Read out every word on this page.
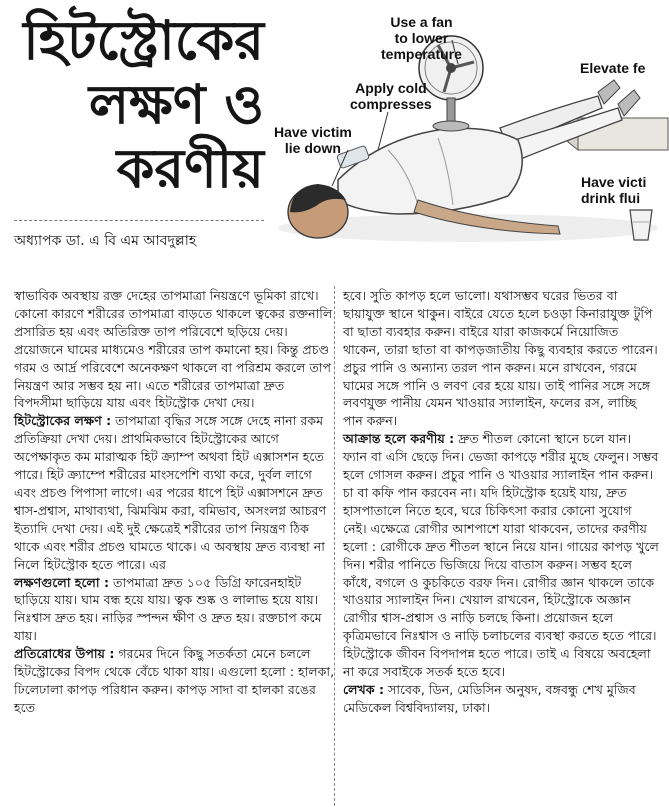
হিটস্ট্রোকের
লক্ষণ ও
করণীয়
অধ্যাপক ডা. এ বি এম আবদুল্লাহ
Use a fan
to lower
temperature
Elevate fe
Apply cold
compresses
Have victim
lie down
Have victi
drink flui

স্বাভাবিক অবস্থায় রক্ত দেহের তাপমাত্রা নিয়ন্ত্রণে ভূমিকা রাখে। কোনো কারণে শরীরের তাপমাত্রা বাড়তে থাকলে ত্বকের রক্তনালি প্রসারিত হয় এবং অতিরিক্ত তাপ পরিবেশে ছড়িয়ে দেয়। প্রয়োজনে ঘামের মাধ্যমেও শরীরের তাপ কমানো হয়। কিন্তু প্রচণ্ড গরম ও আর্দ্র পরিবেশে অনেকক্ষণ থাকলে বা পরিশ্রম করলে তাপ নিয়ন্ত্রণ আর সম্ভব হয় না। এতে শরীরের তাপমাত্রা দ্রুত বিপদসীমা ছাড়িয়ে যায় এবং হিটস্ট্রোক দেখা দেয়।

হিটস্ট্রোকের লক্ষণ : তাপমাত্রা বৃদ্ধির সঙ্গে সঙ্গে দেহে নানা রকম প্রতিক্রিয়া দেখা দেয়। প্রাথমিকভাবে হিটস্ট্রোকের আগে অপেক্ষাকৃত কম মারাত্মক হিট ক্র্যাম্প অথবা হিট এক্সাসশন হতে পারে। হিট ক্র্যাম্পে শরীরের মাংসপেশি ব্যথা করে, দুর্বল লাগে এবং প্রচণ্ড পিপাসা লাগে। এর পরের ধাপে হিট এক্সাসশনে দ্রুত শ্বাস-প্রশ্বাস, মাথাব্যথা, ঝিমঝিম করা, বমিভাব, অসংলগ্ন আচরণ ইত্যাদি দেখা দেয়। এই দুই ক্ষেত্রেই শরীরের তাপ নিয়ন্ত্রণ ঠিক থাকে এবং শরীর প্রচণ্ড ঘামতে থাকে। এ অবস্থায় দ্রুত ব্যবস্থা না নিলে হিটস্ট্রোক হতে পারে। এর

লক্ষণগুলো হলো : তাপমাত্রা দ্রুত ১০৫ ডিগ্রি ফারেনহাইট ছাড়িয়ে যায়। ঘাম বন্ধ হয়ে যায়। ত্বক শুষ্ক ও লালাভ হয়ে যায়। নিঃশ্বাস দ্রুত হয়। নাড়ির স্পন্দন ক্ষীণ ও দ্রুত হয়। রক্তচাপ কমে যায়।

প্রতিরোধের উপায় : গরমের দিনে কিছু সতর্কতা মেনে চললে হিটস্ট্রোকের বিপদ থেকে বেঁচে থাকা যায়। এগুলো হলো : হালকা, ঢিলেঢালা কাপড় পরিধান করুন। কাপড় সাদা বা হালকা রঙের হতে

হবে। সুতি কাপড় হলে ভালো। যথাসম্ভব ঘরের ভিতর বা ছায়াযুক্ত স্থানে থাকুন। বাইরে যেতে হলে চওড়া কিনারাযুক্ত টুপি বা ছাতা ব্যবহার করুন। বাইরে যারা কাজকর্মে নিয়োজিত থাকেন, তারা ছাতা বা কাপড়জাতীয় কিছু ব্যবহার করতে পারেন। প্রচুর পানি ও অন্যান্য তরল পান করুন। মনে রাখবেন, গরমে ঘামের সঙ্গে পানি ও লবণ বের হয়ে যায়। তাই পানির সঙ্গে সঙ্গে লবণযুক্ত পানীয় যেমন খাওয়ার স্যালাইন, ফলের রস, লাচ্ছি পান করুন।

আক্রান্ত হলে করণীয় : দ্রুত শীতল কোনো স্থানে চলে যান। ফ্যান বা এসি ছেড়ে দিন। ভেজা কাপড়ে শরীর মুছে ফেলুন। সম্ভব হলে গোসল করুন। প্রচুর পানি ও খাওয়ার স্যালাইন পান করুন। চা বা কফি পান করবেন না। যদি হিটস্ট্রোক হয়েই যায়, দ্রুত হাসপাতালে নিতে হবে, ঘরে চিকিৎসা করার কোনো সুযোগ নেই। এক্ষেত্রে রোগীর আশপাশে যারা থাকবেন, তাদের করণীয় হলো : রোগীকে দ্রুত শীতল স্থানে নিয়ে যান। গায়ের কাপড় খুলে দিন। শরীর পানিতে ভিজিয়ে দিয়ে বাতাস করুন। সম্ভব হলে কাঁধে, বগলে ও কুচকিতে বরফ দিন। রোগীর জ্ঞান থাকলে তাকে খাওয়ার স্যালাইন দিন। খেয়াল রাখবেন, হিটস্ট্রোকে অজ্ঞান রোগীর শ্বাস-প্রশ্বাস ও নাড়ি চলছে কিনা। প্রয়োজন হলে কৃত্রিমভাবে নিঃশ্বাস ও নাড়ি চলাচলের ব্যবস্থা করতে হতে পারে। হিটস্ট্রোকে জীবন বিপদাপন্ন হতে পারে। তাই এ বিষয়ে অবহেলা না করে সবাইকে সতর্ক হতে হবে।

লেখক : সাবেক, ডিন, মেডিসিন অনুষদ, বঙ্গবন্ধু শেখ মুজিব মেডিকেল বিশ্ববিদ্যালয়, ঢাকা।
